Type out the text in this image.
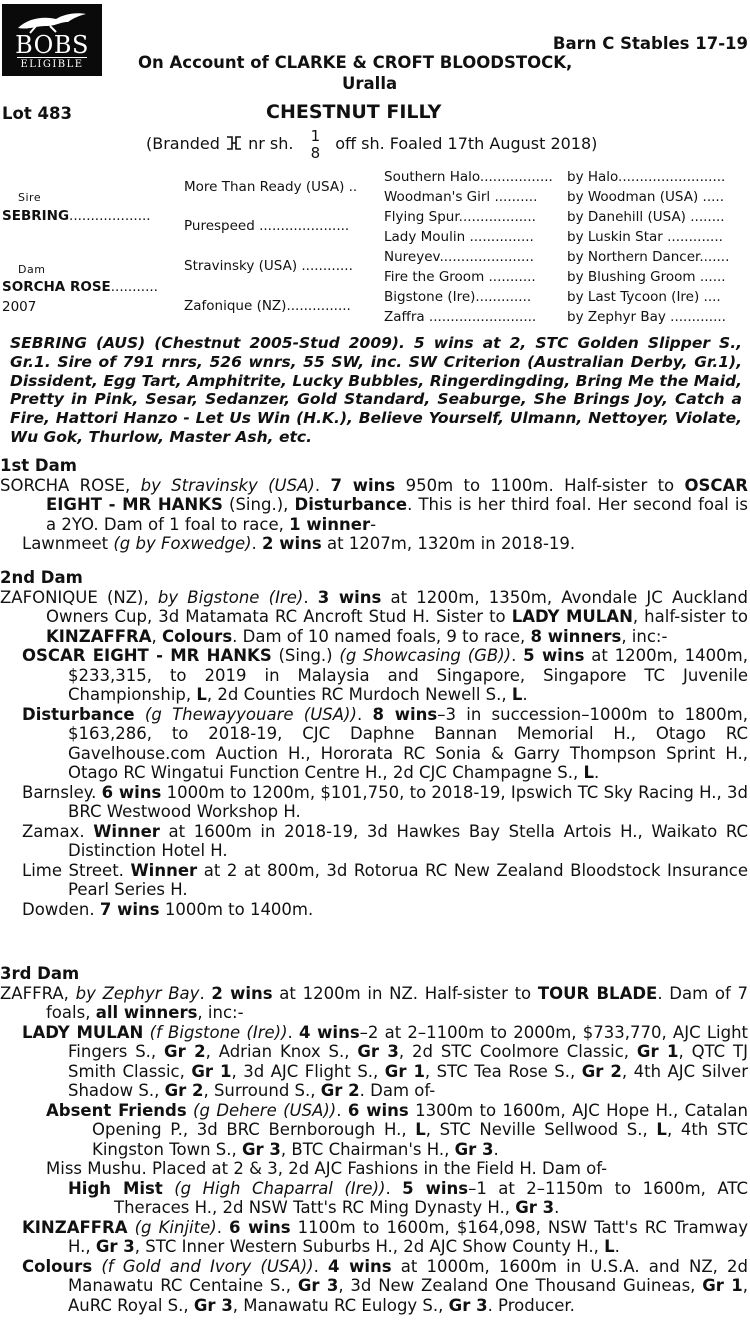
BOBS
ELIGIBLE
Barn C Stables 17-19
On Account of CLARKE & CROFT BLOODSTOCK,
Uralla
Lot 483	CHESTNUT FILLY
(Branded nr sh. 1
8 off sh. Foaled 17th August 2018)
Sire
SEBRING...................
Dam
SORCHA ROSE...........
2007
More Than Ready (USA) ..
Purespeed .....................
Stravinsky (USA) ............
Zafonique (NZ)...............
Southern Halo.................
Woodman's Girl ..........
Flying Spur..................
Lady Moulin ...............
Nureyev......................
Fire the Groom ...........
Bigstone (Ire).............
Zaffra .........................
by Halo.........................
by Woodman (USA) .....
by Danehill (USA) ........
by Luskin Star .............
by Northern Dancer.......
by Blushing Groom ......
by Last Tycoon (Ire) ....
by Zephyr Bay .............
SEBRING (AUS) (Chestnut 2005-Stud 2009). 5 wins at 2, STC Golden Slipper S., Gr.1. Sire of 791 rnrs, 526 wnrs, 55 SW, inc. SW Criterion (Australian Derby, Gr.1), Dissident, Egg Tart, Amphitrite, Lucky Bubbles, Ringerdingding, Bring Me the Maid, Pretty in Pink, Sesar, Sedanzer, Gold Standard, Seaburge, She Brings Joy, Catch a Fire, Hattori Hanzo - Let Us Win (H.K.), Believe Yourself, Ulmann, Nettoyer, Violate, Wu Gok, Thurlow, Master Ash, etc.
1st Dam

SORCHA ROSE, by Stravinsky (USA). 7 wins 950m to 1100m. Half-sister to OSCAR EIGHT - MR HANKS (Sing.), Disturbance. This is her third foal. Her second foal is a 2YO. Dam of 1 foal to race, 1 winner-

Lawnmeet (g by Foxwedge). 2 wins at 1207m, 1320m in 2018-19.

2nd Dam

ZAFONIQUE (NZ), by Bigstone (Ire). 3 wins at 1200m, 1350m, Avondale JC Auckland Owners Cup, 3d Matamata RC Ancroft Stud H. Sister to LADY MULAN, half-sister to KINZAFFRA, Colours. Dam of 10 named foals, 9 to race, 8 winners, inc:-

OSCAR EIGHT - MR HANKS (Sing.) (g Showcasing (GB)). 5 wins at 1200m, 1400m, $233,315, to 2019 in Malaysia and Singapore, Singapore TC Juvenile Championship, L, 2d Counties RC Murdoch Newell S., L.

Disturbance (g Thewayyouare (USA)). 8 wins–3 in succession–1000m to 1800m, $163,286, to 2018-19, CJC Daphne Bannan Memorial H., Otago RC Gavelhouse.com Auction H., Hororata RC Sonia & Garry Thompson Sprint H., Otago RC Wingatui Function Centre H., 2d CJC Champagne S., L.

Barnsley. 6 wins 1000m to 1200m, $101,750, to 2018-19, Ipswich TC Sky Racing H., 3d BRC Westwood Workshop H.

Zamax. Winner at 1600m in 2018-19, 3d Hawkes Bay Stella Artois H., Waikato RC Distinction Hotel H.

Lime Street. Winner at 2 at 800m, 3d Rotorua RC New Zealand Bloodstock Insurance Pearl Series H.

Dowden. 7 wins 1000m to 1400m.

3rd Dam

ZAFFRA, by Zephyr Bay. 2 wins at 1200m in NZ. Half-sister to TOUR BLADE. Dam of 7 foals, all winners, inc:-

LADY MULAN (f Bigstone (Ire)). 4 wins–2 at 2–1100m to 2000m, $733,770, AJC Light Fingers S., Gr 2, Adrian Knox S., Gr 3, 2d STC Coolmore Classic, Gr 1, QTC TJ Smith Classic, Gr 1, 3d AJC Flight S., Gr 1, STC Tea Rose S., Gr 2, 4th AJC Silver Shadow S., Gr 2, Surround S., Gr 2. Dam of-

Absent Friends (g Dehere (USA)). 6 wins 1300m to 1600m, AJC Hope H., Catalan Opening P., 3d BRC Bernborough H., L, STC Neville Sellwood S., L, 4th STC Kingston Town S., Gr 3, BTC Chairman's H., Gr 3.

Miss Mushu. Placed at 2 & 3, 2d AJC Fashions in the Field H. Dam of-

High Mist (g High Chaparral (Ire)). 5 wins–1 at 2–1150m to 1600m, ATC Theraces H., 2d NSW Tatt's RC Ming Dynasty H., Gr 3.

KINZAFFRA (g Kinjite). 6 wins 1100m to 1600m, $164,098, NSW Tatt's RC Tramway H., Gr 3, STC Inner Western Suburbs H., 2d AJC Show County H., L.

Colours (f Gold and Ivory (USA)). 4 wins at 1000m, 1600m in U.S.A. and NZ, 2d Manawatu RC Centaine S., Gr 3, 3d New Zealand One Thousand Guineas, Gr 1, AuRC Royal S., Gr 3, Manawatu RC Eulogy S., Gr 3. Producer.
